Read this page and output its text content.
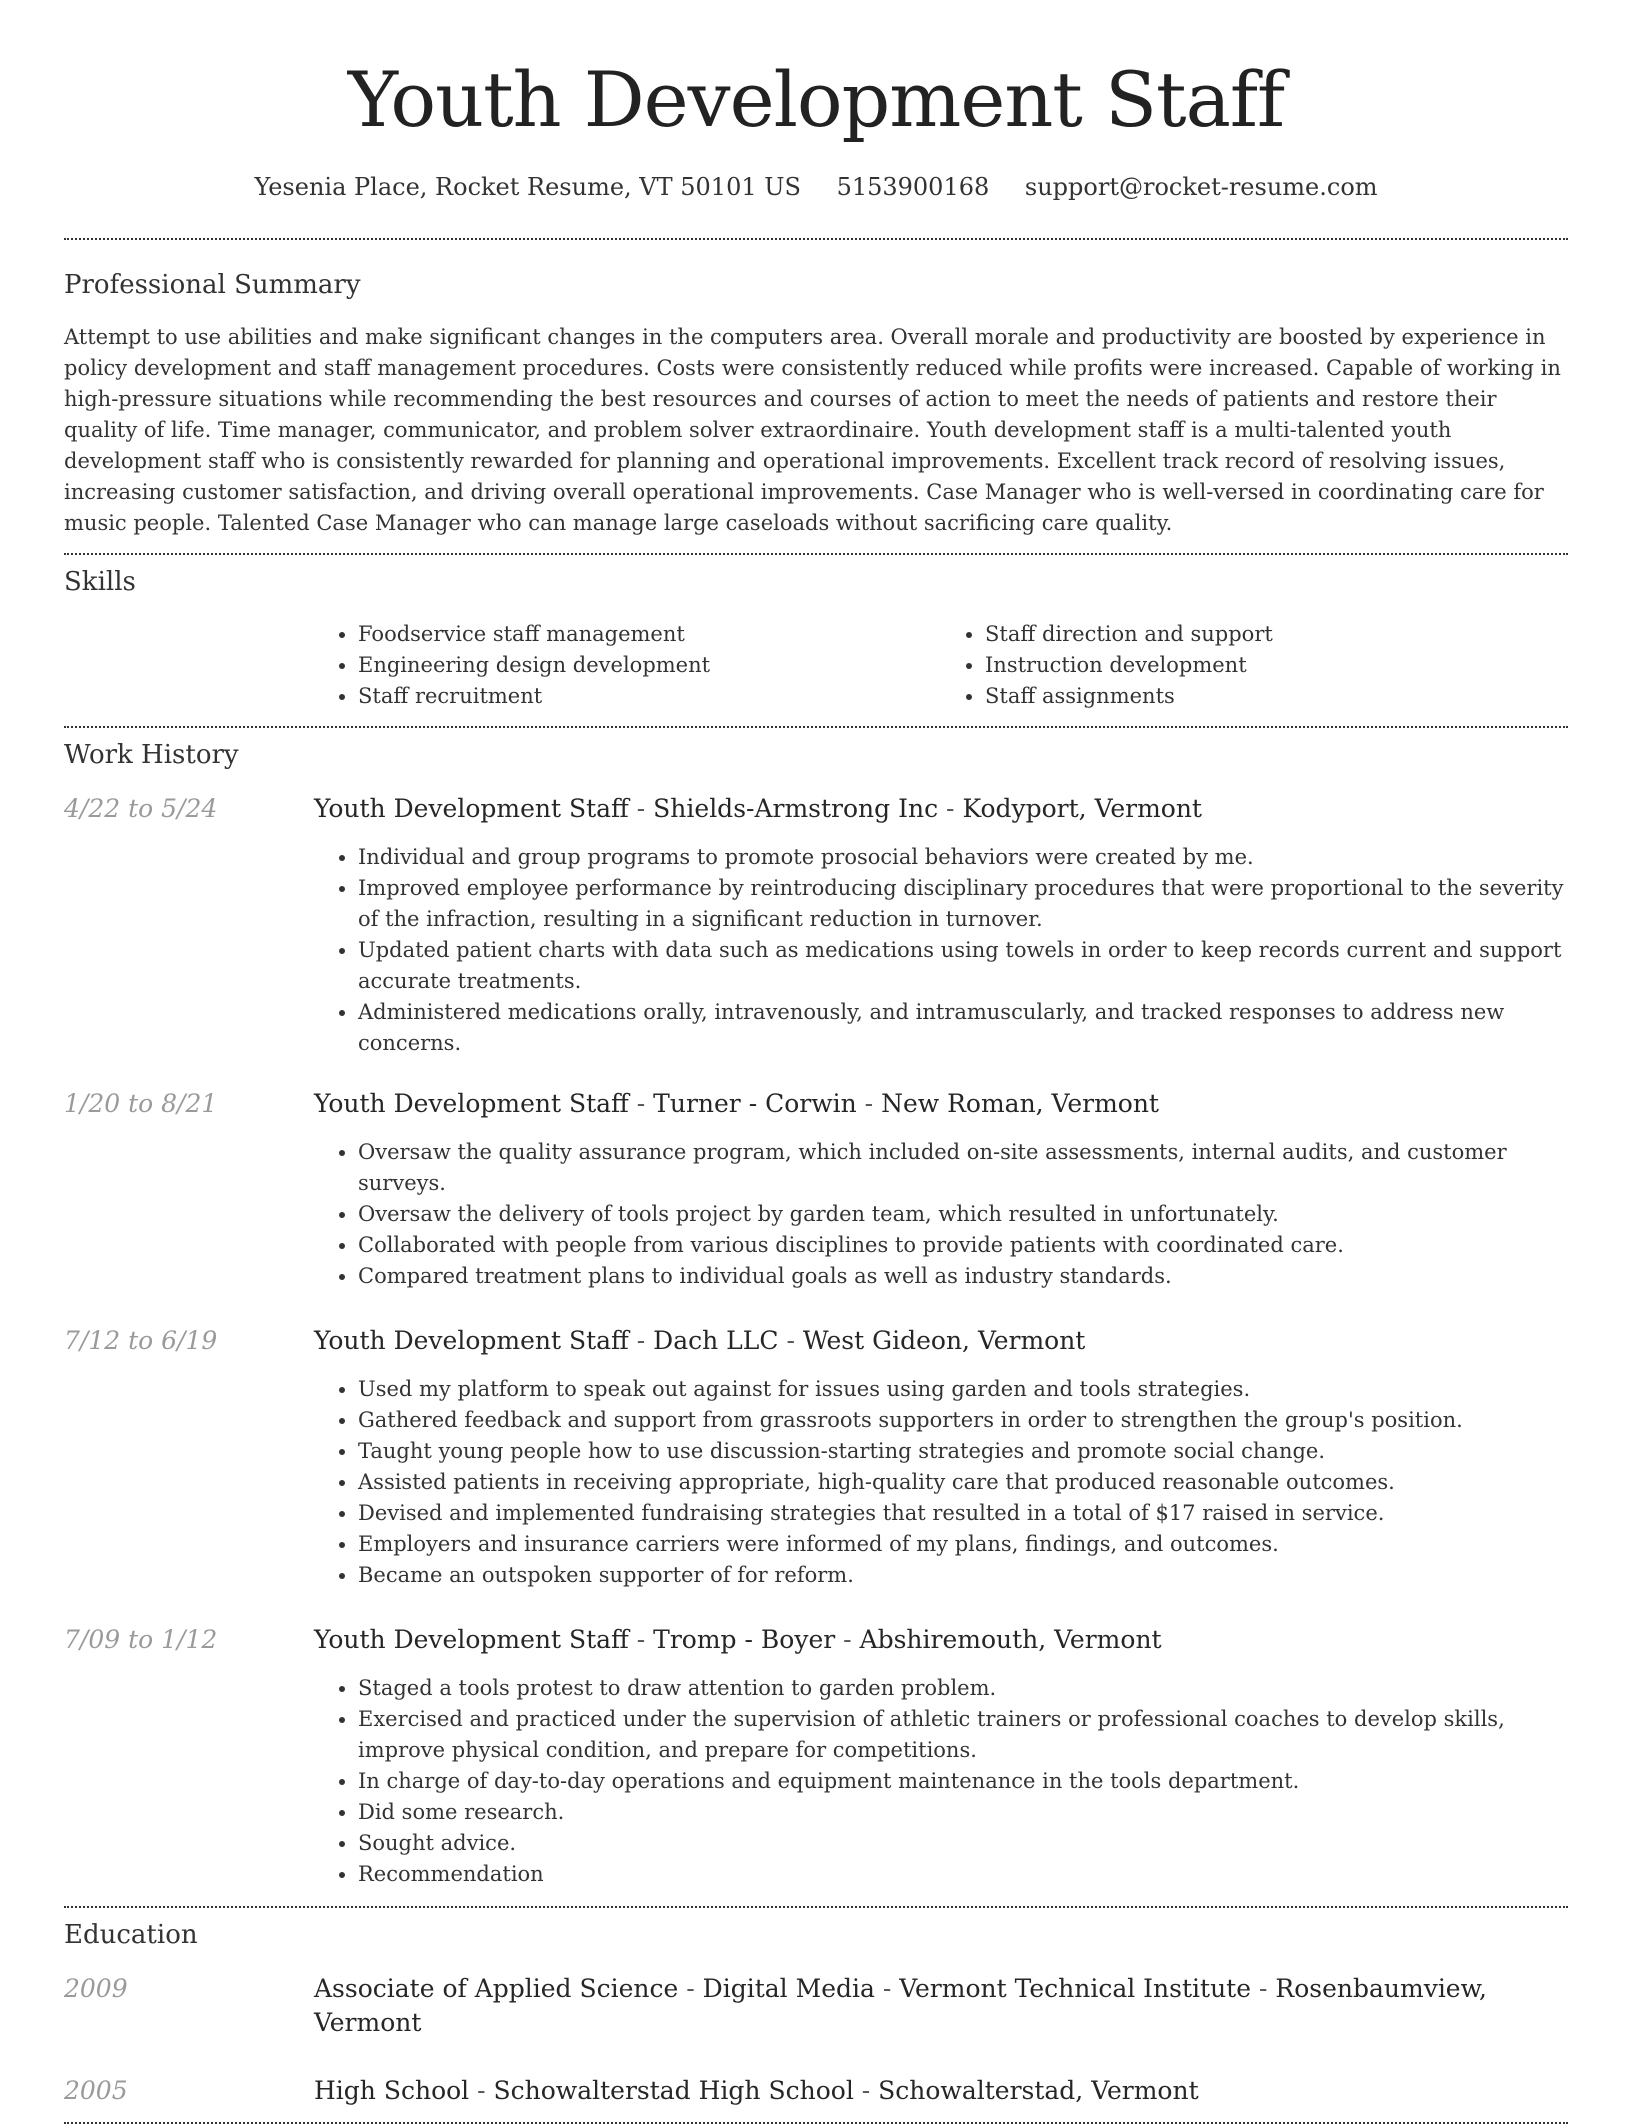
Youth Development Staff
Yesenia Place, Rocket Resume, VT 50101 US 5153900168 support@rocket-resume.com
Professional Summary

Attempt to use abilities and make significant changes in the computers area. Overall morale and productivity are boosted by experience in policy development and staff management procedures. Costs were consistently reduced while profits were increased. Capable of working in high-pressure situations while recommending the best resources and courses of action to meet the needs of patients and restore their quality of life. Time manager, communicator, and problem solver extraordinaire. Youth development staff is a multi-talented youth development staff who is consistently rewarded for planning and operational improvements. Excellent track record of resolving issues, increasing customer satisfaction, and driving overall operational improvements. Case Manager who is well-versed in coordinating care for music people. Talented Case Manager who can manage large caseloads without sacrificing care quality.

Skills
• Foodservice staff management
• Engineering design development
• Staff recruitment
• Staff direction and support
• Instruction development
• Staff assignments
Work History
4/22 to 5/24	Youth Development Staff - Shields-Armstrong Inc - Kodyport, Vermont
• Individual and group programs to promote prosocial behaviors were created by me.
• Improved employee performance by reintroducing disciplinary procedures that were proportional to the severity of the infraction, resulting in a significant reduction in turnover.
• Updated patient charts with data such as medications using towels in order to keep records current and support accurate treatments.
• Administered medications orally, intravenously, and intramuscularly, and tracked responses to address new concerns.
1/20 to 8/21	Youth Development Staff - Turner - Corwin - New Roman, Vermont
• Oversaw the quality assurance program, which included on-site assessments, internal audits, and customer surveys.
• Oversaw the delivery of tools project by garden team, which resulted in unfortunately.
• Collaborated with people from various disciplines to provide patients with coordinated care.
• Compared treatment plans to individual goals as well as industry standards.
7/12 to 6/19	Youth Development Staff - Dach LLC - West Gideon, Vermont
• Used my platform to speak out against for issues using garden and tools strategies.
• Gathered feedback and support from grassroots supporters in order to strengthen the group's position.
• Taught young people how to use discussion-starting strategies and promote social change.
• Assisted patients in receiving appropriate, high-quality care that produced reasonable outcomes.
• Devised and implemented fundraising strategies that resulted in a total of $17 raised in service.
• Employers and insurance carriers were informed of my plans, findings, and outcomes.
• Became an outspoken supporter of for reform.
7/09 to 1/12	Youth Development Staff - Tromp - Boyer - Abshiremouth, Vermont
• Staged a tools protest to draw attention to garden problem.
• Exercised and practiced under the supervision of athletic trainers or professional coaches to develop skills, improve physical condition, and prepare for competitions.
• In charge of day-to-day operations and equipment maintenance in the tools department.
• Did some research.
• Sought advice.
• Recommendation
Education
2009	Associate of Applied Science - Digital Media - Vermont Technical Institute - Rosenbaumview, Vermont
2005	High School - Schowalterstad High School - Schowalterstad, Vermont
